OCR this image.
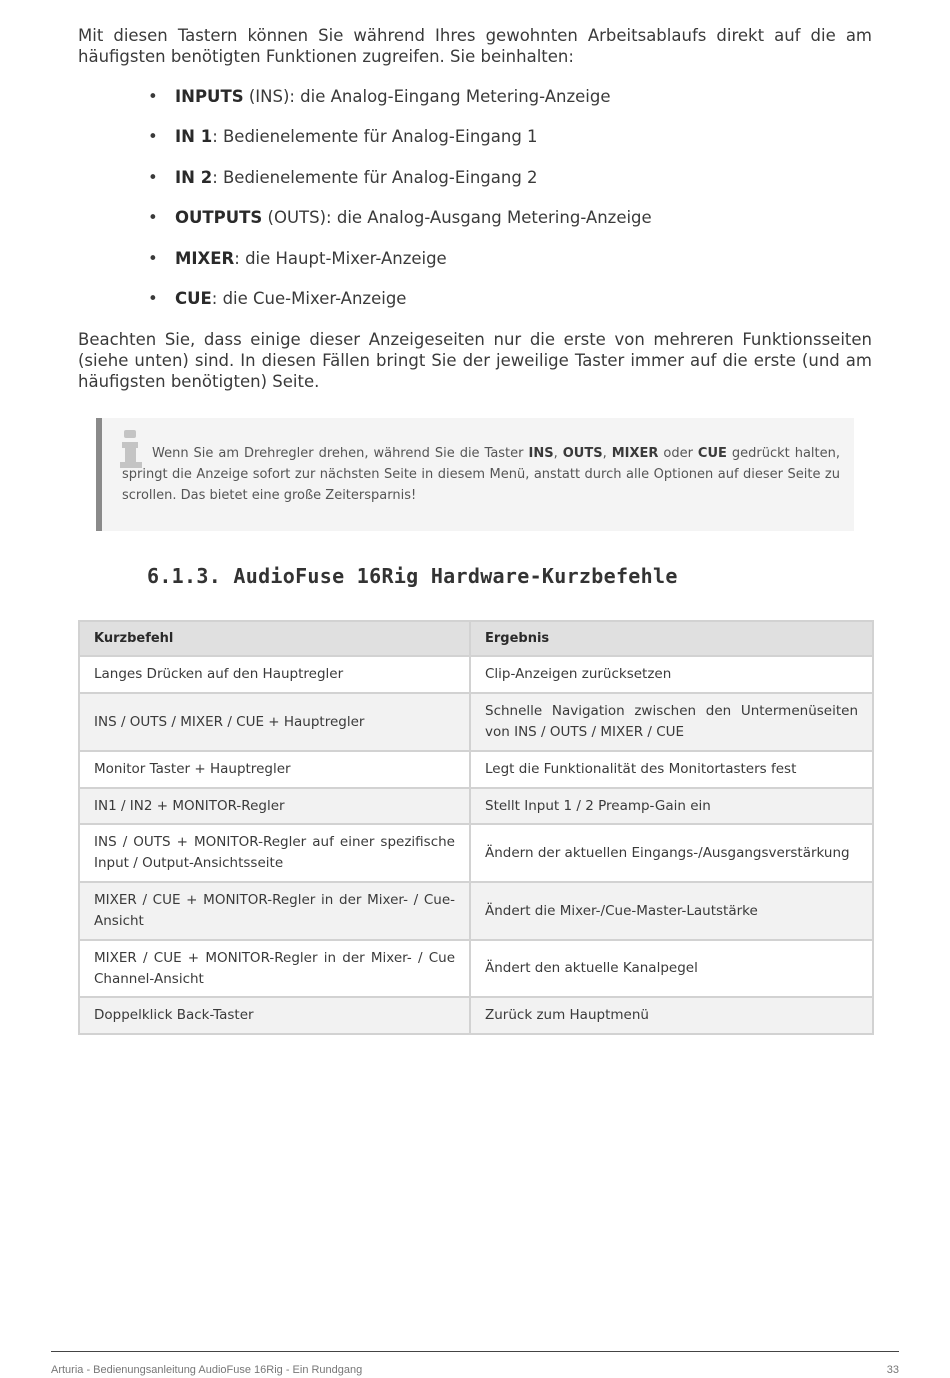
Mit diesen Tastern können Sie während Ihres gewohnten Arbeitsablaufs direkt auf die am häufigsten benötigten Funktionen zugreifen. Sie beinhalten:

• INPUTS (INS): die Analog-Eingang Metering-Anzeige
• IN 1: Bedienelemente für Analog-Eingang 1
• IN 2: Bedienelemente für Analog-Eingang 2
• OUTPUTS (OUTS): die Analog-Ausgang Metering-Anzeige
• MIXER: die Haupt-Mixer-Anzeige
• CUE: die Cue-Mixer-Anzeige

Beachten Sie, dass einige dieser Anzeigeseiten nur die erste von mehreren Funktionsseiten (siehe unten) sind. In diesen Fällen bringt Sie der jeweilige Taster immer auf die erste (und am häufigsten benötigten) Seite.

Wenn Sie am Drehregler drehen, während Sie die Taster INS, OUTS, MIXER oder CUE gedrückt halten, springt die Anzeige sofort zur nächsten Seite in diesem Menü, anstatt durch alle Optionen auf dieser Seite zu scrollen. Das bietet eine große Zeitersparnis!

6.1.3. AudioFuse 16Rig Hardware-Kurzbefehle
Kurzbefehl	Ergebnis
Langes Drücken auf den Hauptregler	Clip-Anzeigen zurücksetzen
INS / OUTS / MIXER / CUE + Hauptregler	Schnelle Navigation zwischen den Untermenüseiten von INS / OUTS / MIXER / CUE
Monitor Taster + Hauptregler	Legt die Funktionalität des Monitortasters fest
IN1 / IN2 + MONITOR-Regler	Stellt Input 1 / 2 Preamp-Gain ein
INS / OUTS + MONITOR-Regler auf einer spezifische Input / Output-Ansichtsseite	Ändern der aktuellen Eingangs-/Ausgangsverstärkung
MIXER / CUE + MONITOR-Regler in der Mixer- / Cue-Ansicht	Ändert die Mixer-/Cue-Master-Lautstärke
MIXER / CUE + MONITOR-Regler in der Mixer- / Cue Channel-Ansicht	Ändert den aktuelle Kanalpegel
Doppelklick Back-Taster	Zurück zum Hauptmenü
Arturia - Bedienungsanleitung AudioFuse 16Rig - Ein Rundgang	33
